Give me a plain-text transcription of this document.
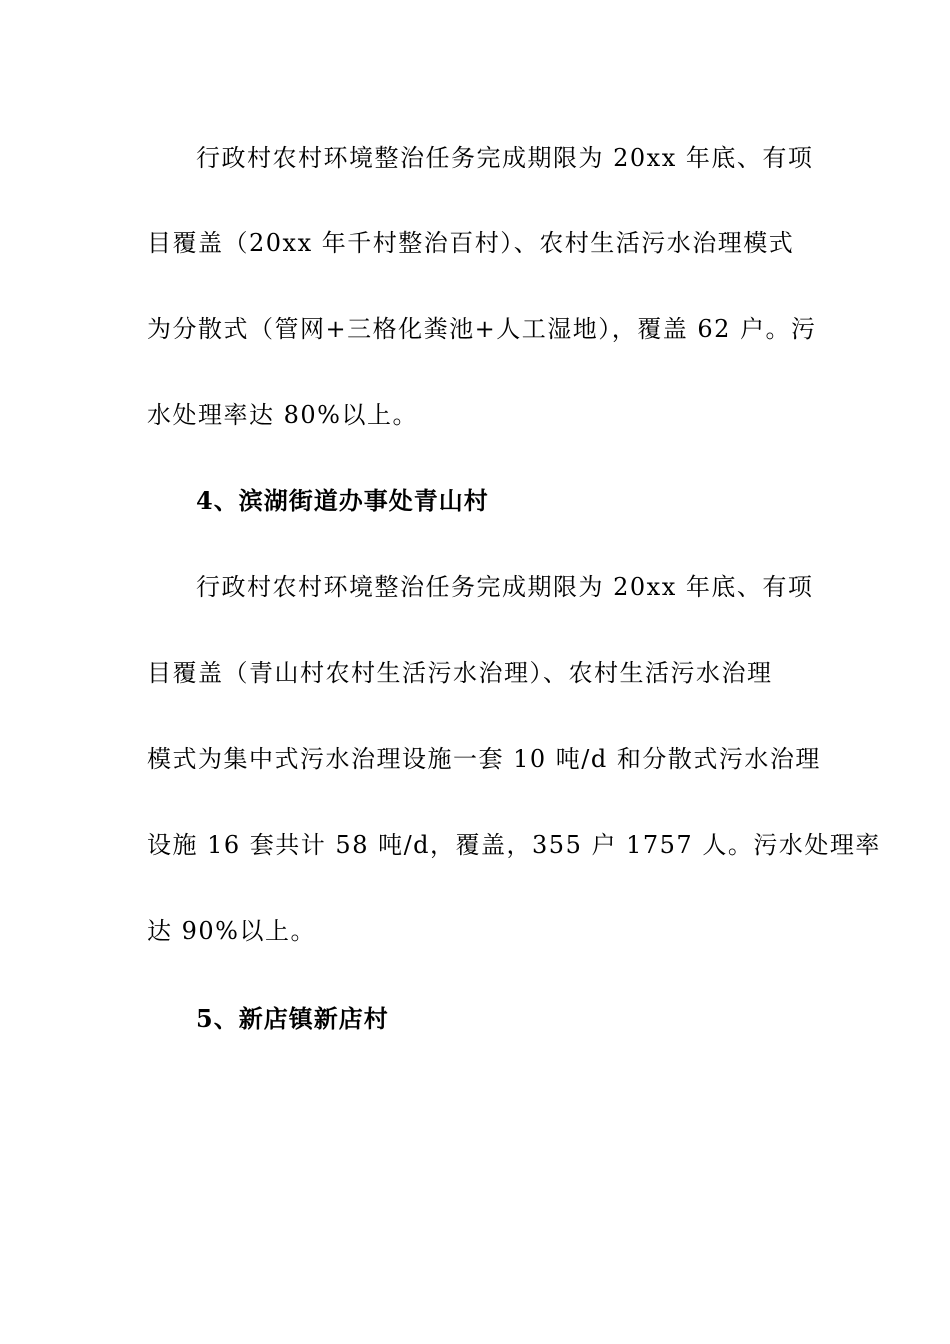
行政村农村环境整治任务完成期限为 20xx 年底、有项
目覆盖（20xx 年千村整治百村）、农村生活污水治理模式
为分散式（管网+三格化粪池+人工湿地），覆盖 62 户。污
水处理率达 80%以上。
4、滨湖街道办事处青山村
行政村农村环境整治任务完成期限为 20xx 年底、有项
目覆盖（青山村农村生活污水治理）、农村生活污水治理
模式为集中式污水治理设施一套 10 吨/d 和分散式污水治理
设施 16 套共计 58 吨/d，覆盖，355 户 1757 人。污水处理率
达 90%以上。
5、新店镇新店村
